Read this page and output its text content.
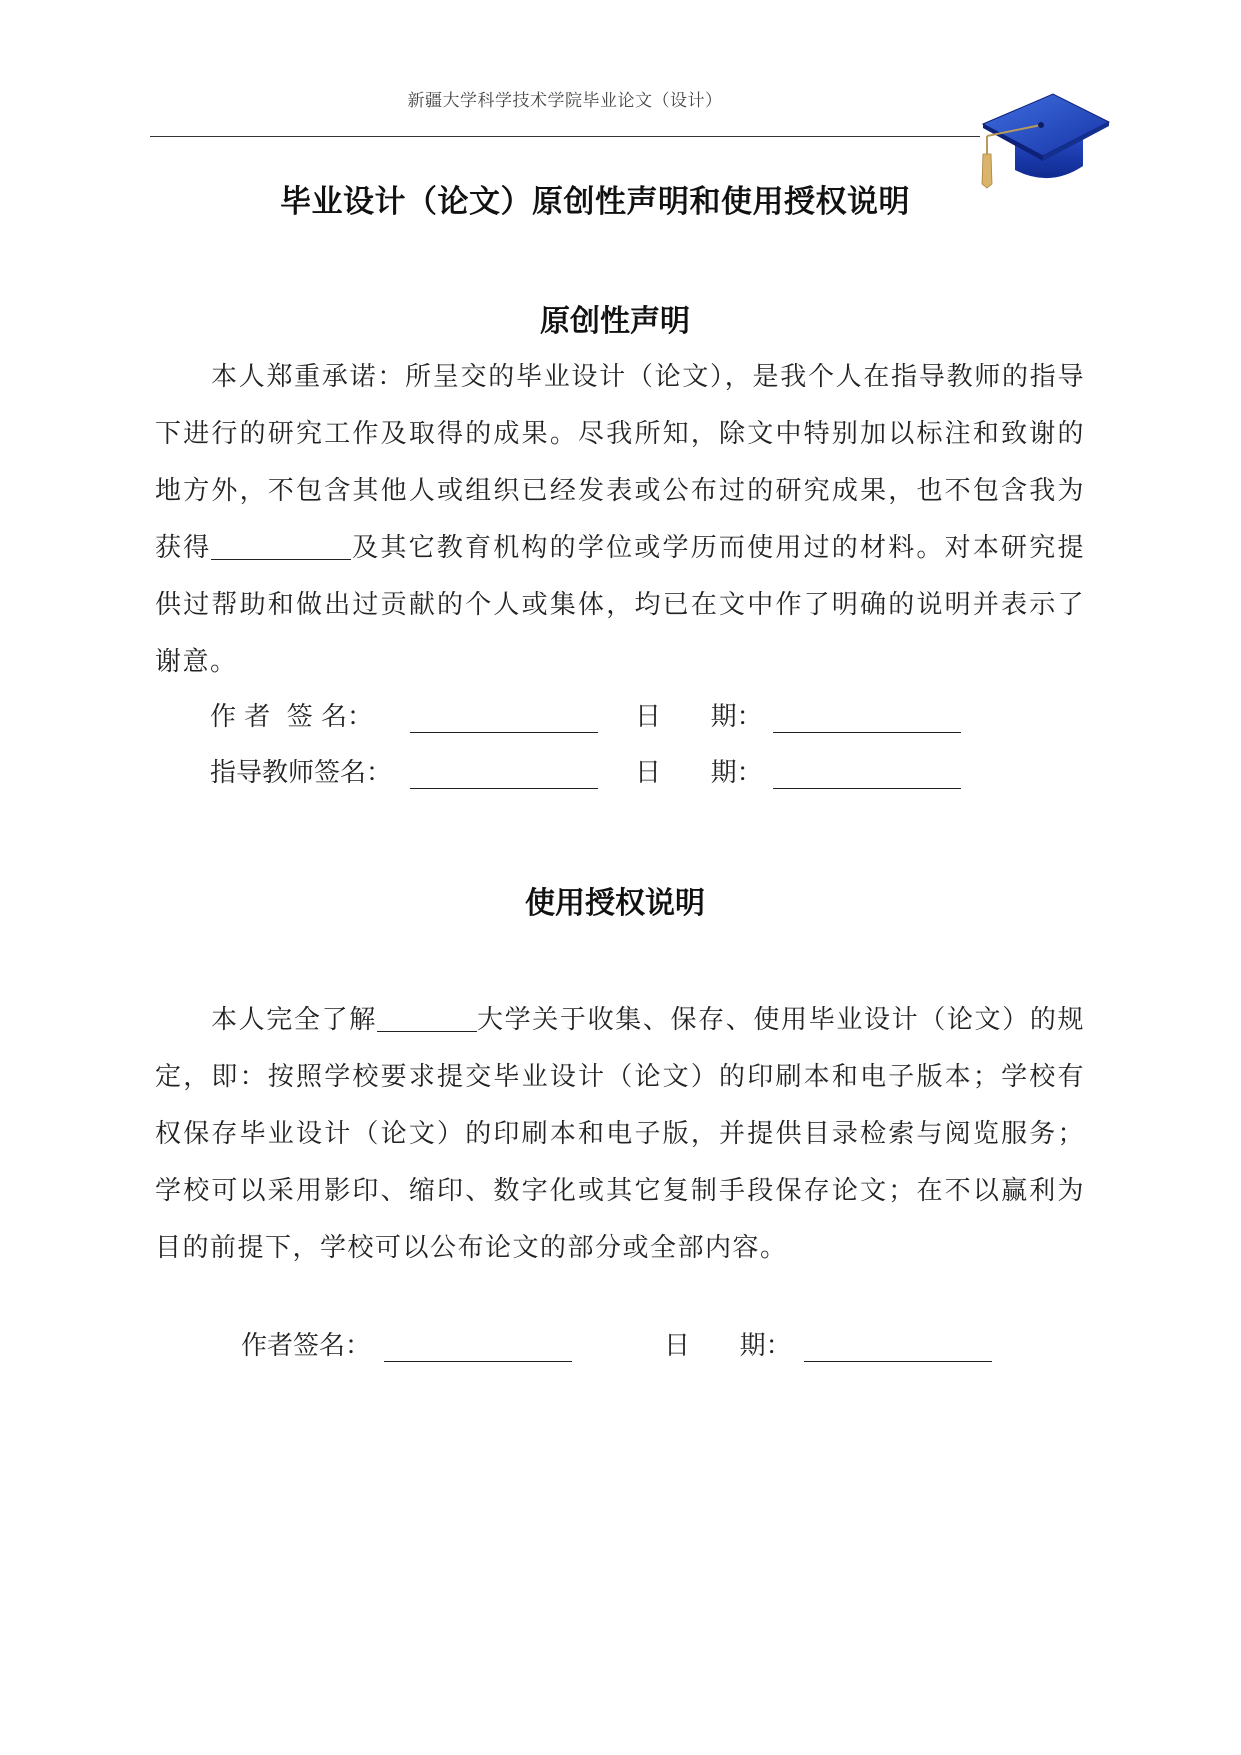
新疆大学科学技术学院毕业论文（设计）
毕业设计（论文）原创性声明和使用授权说明
原创性声明
本人郑重承诺：所呈交的毕业设计（论文），是我个人在指导教师的指导下进行的研究工作及取得的成果。尽我所知，除文中特别加以标注和致谢的地方外，不包含其他人或组织已经发表或公布过的研究成果，也不包含我为获得	及其它教育机构的学位或学历而使用过的材料。对本研究提供过帮助和做出过贡献的个人或集体，均已在文中作了明确的说明并表示了谢意。
作 者  签 名：	日      期：
指导教师签名：	日      期：
使用授权说明
本人完全了解	大学关于收集、保存、使用毕业设计（论文）的规定，即：按照学校要求提交毕业设计（论文）的印刷本和电子版本；学校有权保存毕业设计（论文）的印刷本和电子版，并提供目录检索与阅览服务；学校可以采用影印、缩印、数字化或其它复制手段保存论文；在不以赢利为目的前提下，学校可以公布论文的部分或全部内容。
作者签名：	日      期：
